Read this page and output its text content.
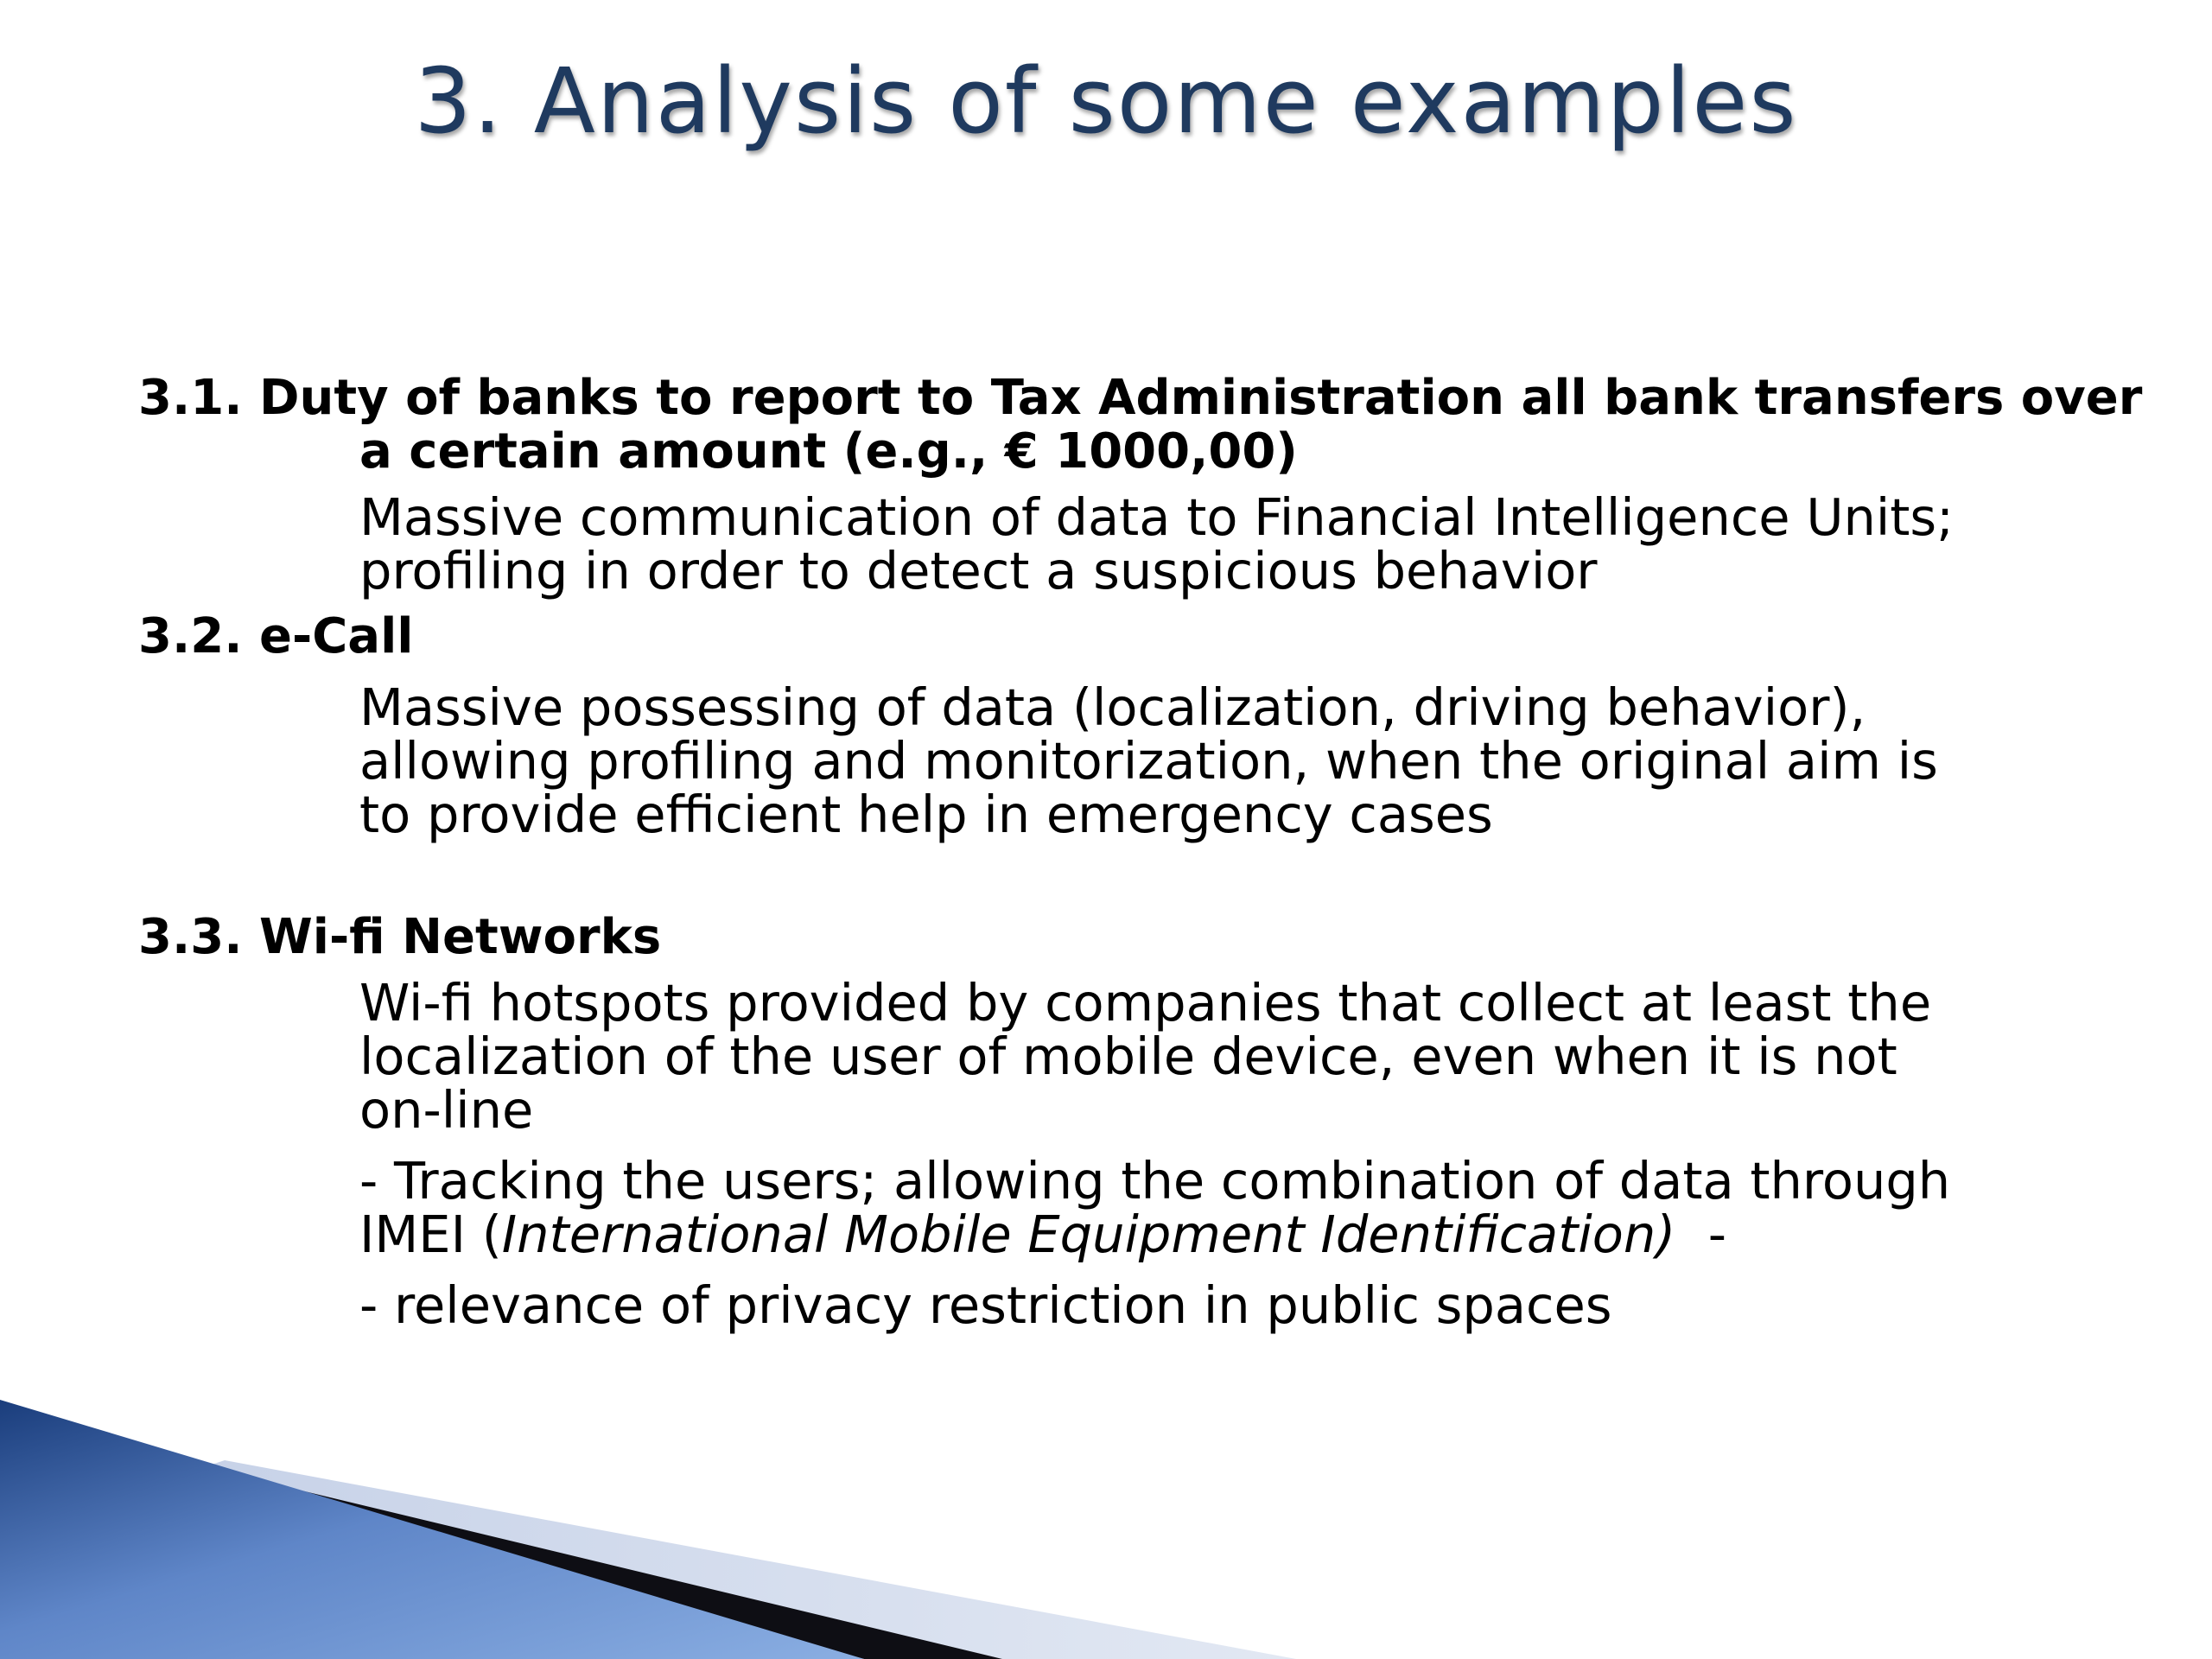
3. Analysis of some examples
3.1. Duty of banks to report to Tax Administration all bank transfers over
a certain amount (e.g., € 1000,00)
Massive communication of data to Financial Intelligence Units;
profiling in order to detect a suspicious behavior
3.2. e-Call
Massive possessing of data (localization, driving behavior),
allowing profiling and monitorization, when the original aim is
to provide efficient help in emergency cases
3.3. Wi-fi Networks
Wi-fi hotspots provided by companies that collect at least the
localization of the user of mobile device, even when it is not
on-line
- Tracking the users; allowing the combination of data through
IMEI (International Mobile Equipment Identification)  -
- relevance of privacy restriction in public spaces
